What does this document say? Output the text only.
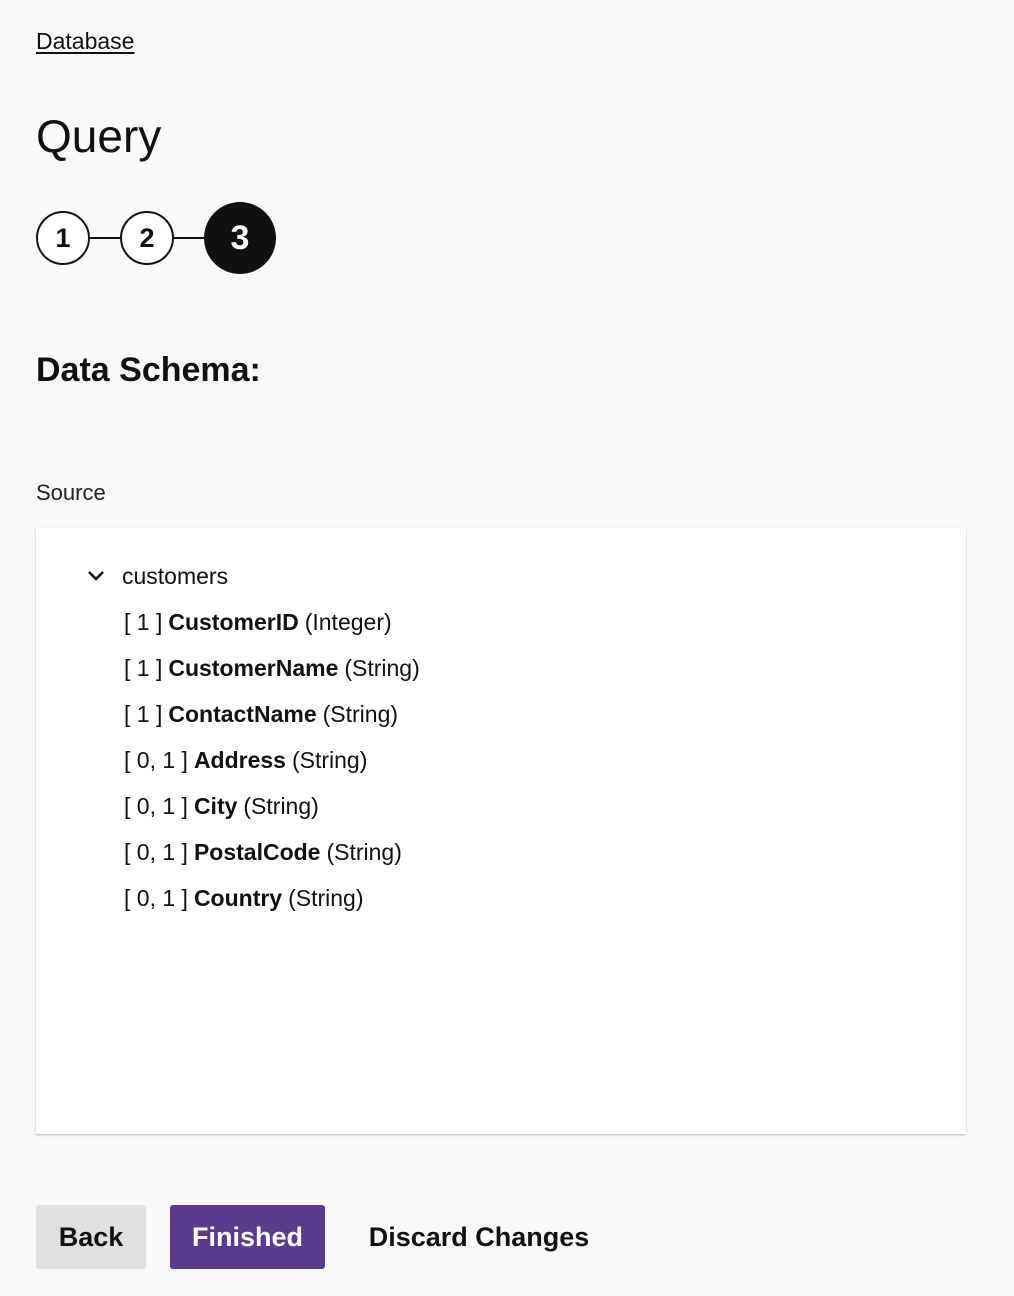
Database
Query
1	2	3
Data Schema:
Source
customers
[ 1 ] CustomerID (Integer)
[ 1 ] CustomerName (String)
[ 1 ] ContactName (String)
[ 0, 1 ] Address (String)
[ 0, 1 ] City (String)
[ 0, 1 ] PostalCode (String)
[ 0, 1 ] Country (String)
Back	Finished	Discard Changes
